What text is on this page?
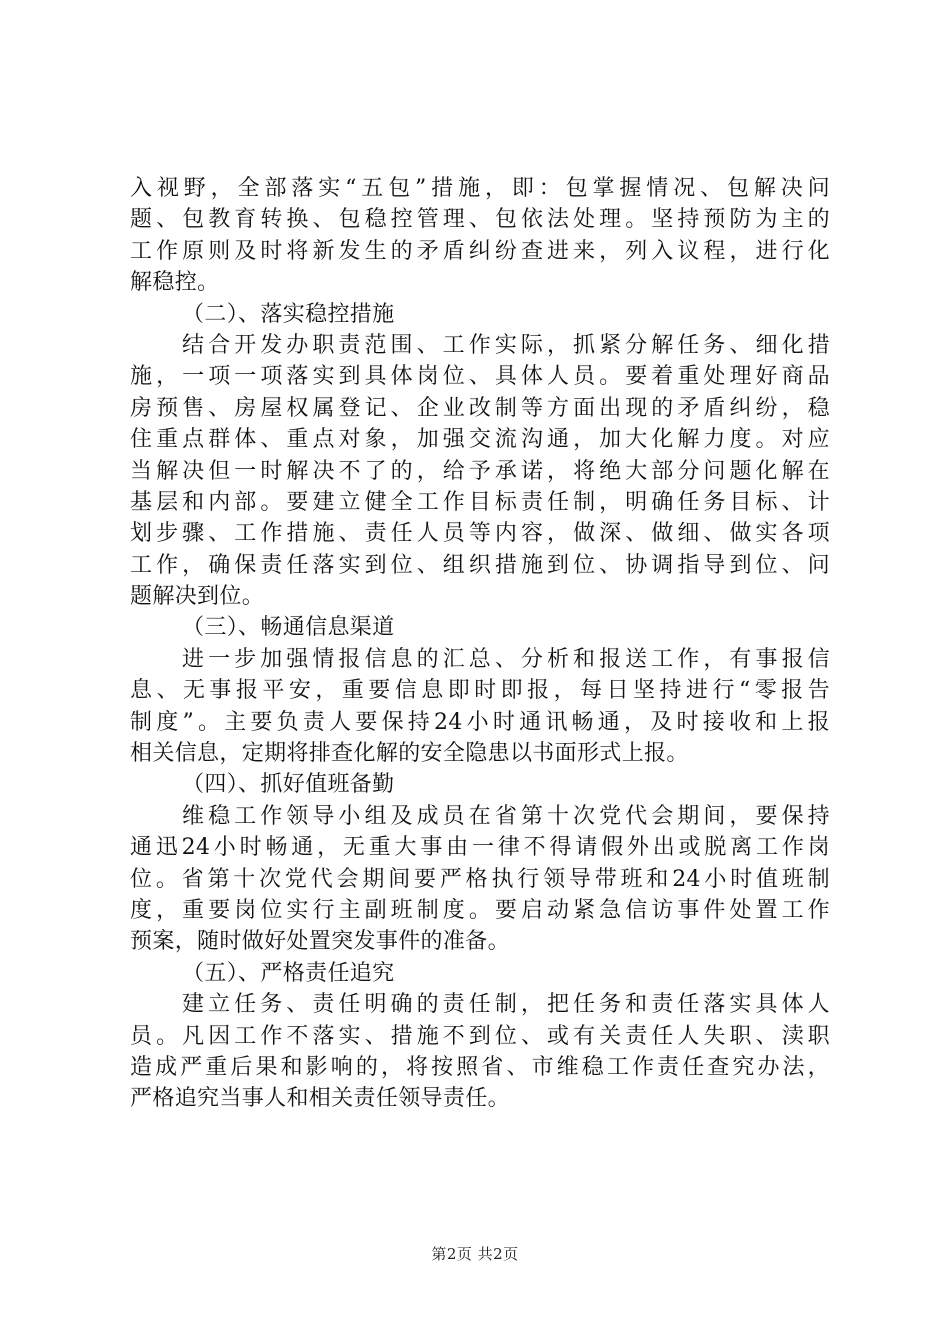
入视野，全部落实“五包”措施，即：包掌握情况、包解决问
题、包教育转换、包稳控管理、包依法处理。坚持预防为主的
工作原则及时将新发生的矛盾纠纷查进来，列入议程，进行化
解稳控。
（二）、落实稳控措施
结合开发办职责范围、工作实际，抓紧分解任务、细化措
施，一项一项落实到具体岗位、具体人员。要着重处理好商品
房预售、房屋权属登记、企业改制等方面出现的矛盾纠纷，稳
住重点群体、重点对象，加强交流沟通，加大化解力度。对应
当解决但一时解决不了的，给予承诺，将绝大部分问题化解在
基层和内部。要建立健全工作目标责任制，明确任务目标、计
划步骤、工作措施、责任人员等内容，做深、做细、做实各项
工作，确保责任落实到位、组织措施到位、协调指导到位、问
题解决到位。
（三）、畅通信息渠道
进一步加强情报信息的汇总、分析和报送工作，有事报信
息、无事报平安，重要信息即时即报，每日坚持进行“零报告
制度”。主要负责人要保持24小时通讯畅通，及时接收和上报
相关信息，定期将排查化解的安全隐患以书面形式上报。
（四）、抓好值班备勤
维稳工作领导小组及成员在省第十次党代会期间，要保持
通迅24小时畅通，无重大事由一律不得请假外出或脱离工作岗
位。省第十次党代会期间要严格执行领导带班和24小时值班制
度，重要岗位实行主副班制度。要启动紧急信访事件处置工作
预案，随时做好处置突发事件的准备。
（五）、严格责任追究
建立任务、责任明确的责任制，把任务和责任落实具体人
员。凡因工作不落实、措施不到位、或有关责任人失职、渎职
造成严重后果和影响的，将按照省、市维稳工作责任查究办法，
严格追究当事人和相关责任领导责任。
第2页 共2页
